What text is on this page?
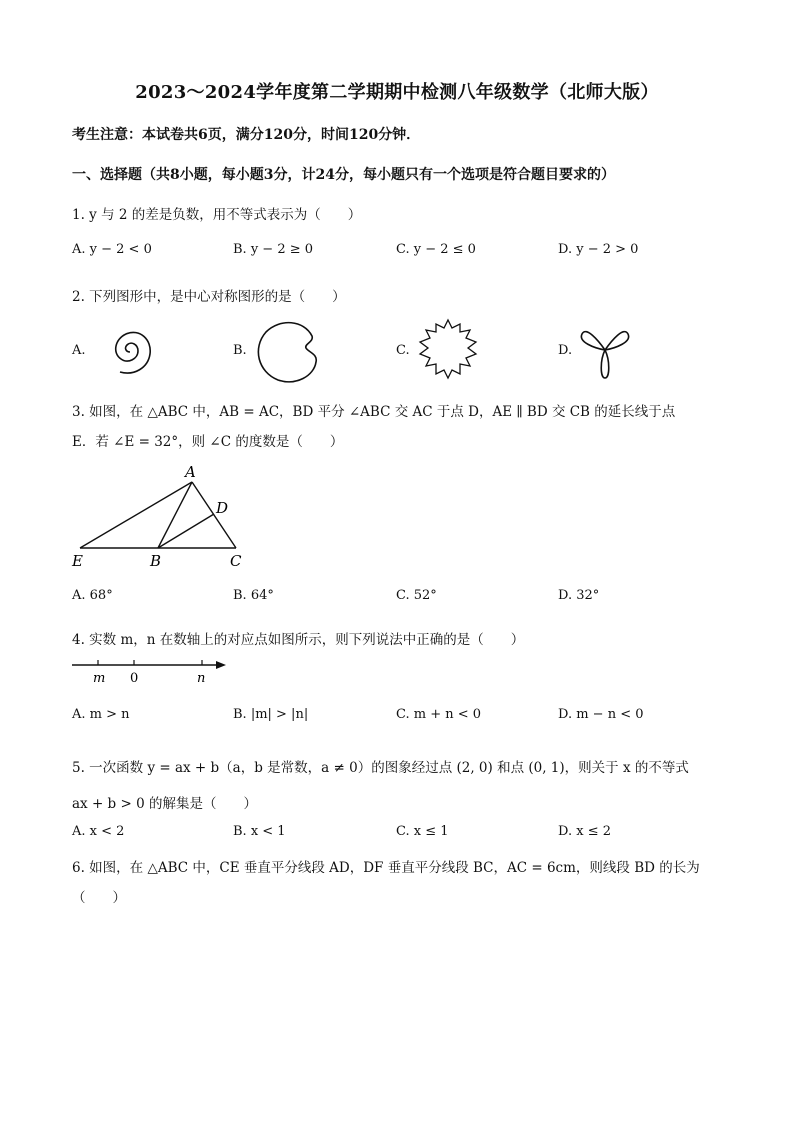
2023～2024学年度第二学期期中检测八年级数学（北师大版）
考生注意：本试卷共6页，满分120分，时间120分钟．
一、选择题（共8小题，每小题3分，计24分，每小题只有一个选项是符合题目要求的）
1. y 与 2 的差是负数，用不等式表示为（　　）
A. y − 2 < 0	B. y − 2 ≥ 0	C. y − 2 ≤ 0	D. y − 2 > 0
2. 下列图形中，是中心对称图形的是（　　）
A.	B.	C.	D.
3. 如图，在 △ABC 中，AB = AC，BD 平分 ∠ABC 交 AC 于点 D，AE ∥ BD 交 CB 的延长线于点
E．若 ∠E = 32°，则 ∠C 的度数是（　　）
A
D
E	B	C
A. 68°	B. 64°	C. 52°	D. 32°
4. 实数 m，n 在数轴上的对应点如图所示，则下列说法中正确的是（　　）
m 0	n
A. m > n	B. |m| > |n|	C. m + n < 0	D. m − n < 0
5. 一次函数 y = ax + b（a，b 是常数，a ≠ 0）的图象经过点 (2, 0) 和点 (0, 1)，则关于 x 的不等式
ax + b > 0 的解集是（　　）
A. x < 2	B. x < 1	C. x ≤ 1	D. x ≤ 2
6. 如图，在 △ABC 中，CE 垂直平分线段 AD，DF 垂直平分线段 BC，AC = 6cm，则线段 BD 的长为
（　　）
